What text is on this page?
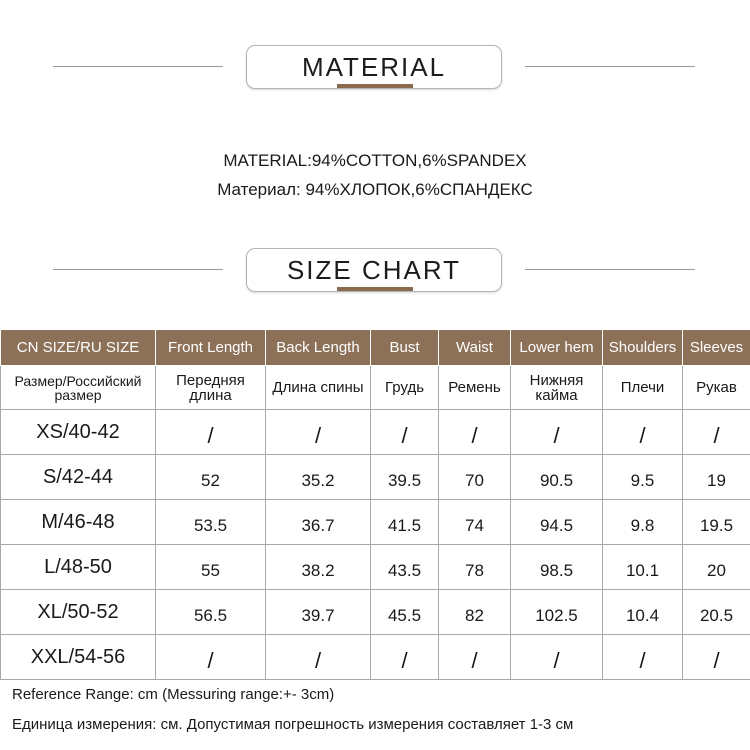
MATERIAL
MATERIAL:94%COTTON,6%SPANDEX
Материал: 94%ХЛОПОК,6%СПАНДЕКС
SIZE CHART
CN SIZE/RU SIZE	Front Length	Back Length	Bust	Waist	Lower hem	Shoulders	Sleeves
Размер/Российский размер	Передняя длина	Длина спины	Грудь	Ремень	Нижняя кайма	Плечи	Рукав
XS/40-42	/	/	/	/	/	/	/
S/42-44	52	35.2	39.5	70	90.5	9.5	19
M/46-48	53.5	36.7	41.5	74	94.5	9.8	19.5
L/48-50	55	38.2	43.5	78	98.5	10.1	20
XL/50-52	56.5	39.7	45.5	82	102.5	10.4	20.5
XXL/54-56	/	/	/	/	/	/	/
Reference Range: cm (Messuring range:+- 3cm)
Единица измерения: см. Допустимая погрешность измерения составляет 1-3 см
